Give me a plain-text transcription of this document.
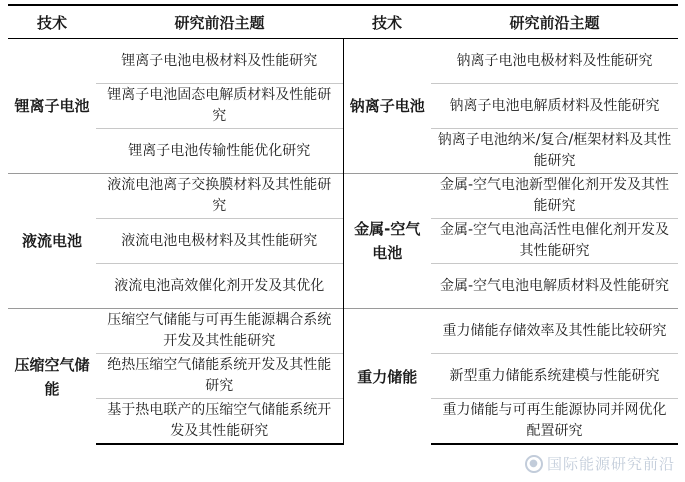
技术	研究前沿主题	技术	研究前沿主题
锂离子电池	锂离子电池电极材料及性能研究	钠离子电池	钠离子电池电极材料及性能研究
	锂离子电池固态电解质材料及性能研究		钠离子电池电解质材料及性能研究
	锂离子电池传输性能优化研究		钠离子电池纳米/复合/框架材料及其性能研究
液流电池	液流电池离子交换膜材料及其性能研究	金属-空气电池	金属-空气电池新型催化剂开发及其性能研究
	液流电池电极材料及其性能研究		金属-空气电池高活性电催化剂开发及其性能研究
	液流电池高效催化剂开发及其优化		金属-空气电池电解质材料及性能研究
压缩空气储能	压缩空气储能与可再生能源耦合系统开发及其性能研究	重力储能	重力储能存储效率及其性能比较研究
	绝热压缩空气储能系统开发及其性能研究		新型重力储能系统建模与性能研究
	基于热电联产的压缩空气储能系统开发及其性能研究		重力储能与可再生能源协同并网优化配置研究
● 国际能源研究前沿
